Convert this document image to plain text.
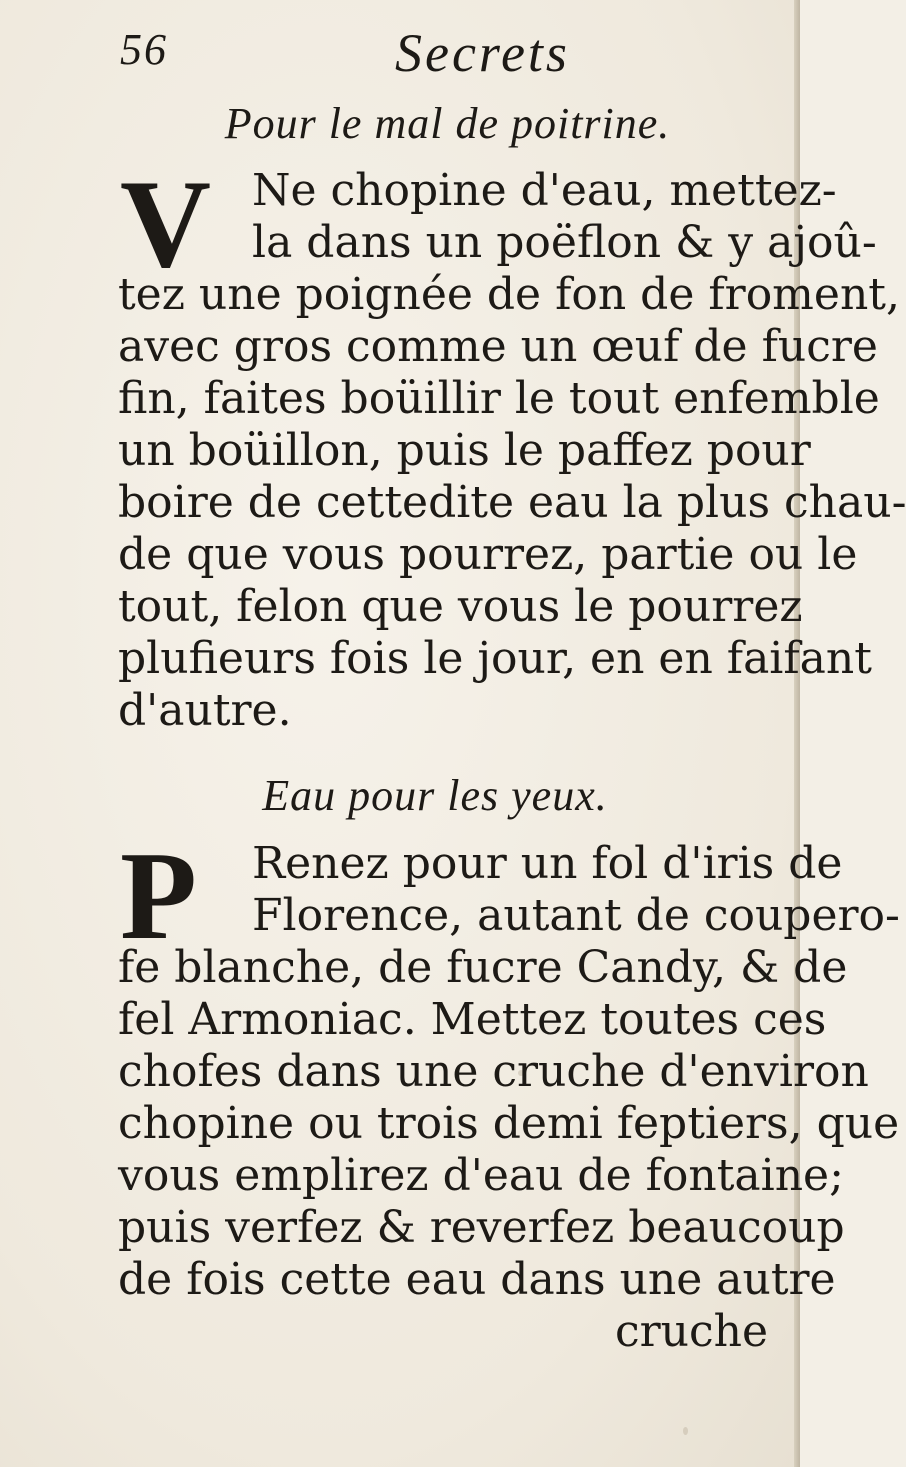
56	Secrets
Pour le mal de poitrine.
V Ne chopine d'eau, mettez-
la dans un poëflon & y ajoû-
tez une poignée de fon de froment,
avec gros comme un œuf de fucre
fin, faites boüillir le tout enfemble
un boüillon, puis le paffez pour
boire de cettedite eau la plus chau-
de que vous pourrez, partie ou le
tout, felon que vous le pourrez
plufieurs fois le jour, en en faifant
d'autre.
Eau pour les yeux.
P	Renez pour un fol d'iris de
Florence, autant de coupero-
fe blanche, de fucre Candy, & de
fel Armoniac. Mettez toutes ces
chofes dans une cruche d'environ
chopine ou trois demi feptiers, que
vous emplirez d'eau de fontaine;
puis verfez & reverfez beaucoup
de fois cette eau dans une autre
cruche
